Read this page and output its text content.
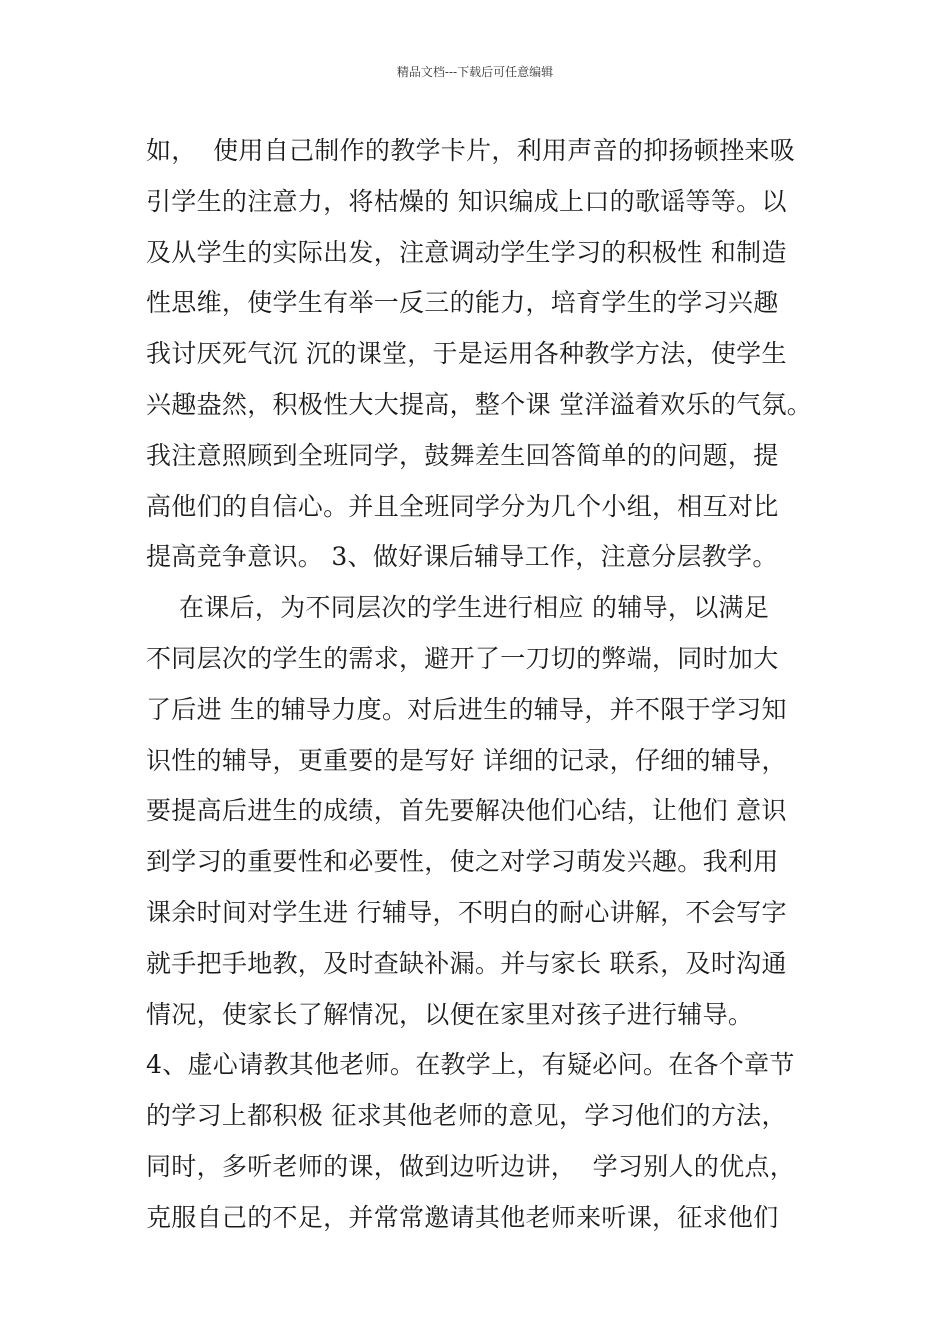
精品文档---下载后可任意编辑
如，  使用自己制作的教学卡片，利用声音的抑扬顿挫来吸
引学生的注意力，将枯燥的 知识编成上口的歌谣等等。以
及从学生的实际出发，注意调动学生学习的积极性 和制造
性思维，使学生有举一反三的能力，培育学生的学习兴趣
我讨厌死气沉 沉的课堂，于是运用各种教学方法，使学生
兴趣盎然，积极性大大提高，整个课 堂洋溢着欢乐的气氛。
我注意照顾到全班同学，鼓舞差生回答简单的的问题，提
高他们的自信心。并且全班同学分为几个小组，相互对比
提高竞争意识。 3、做好课后辅导工作，注意分层教学。
在课后，为不同层次的学生进行相应 的辅导，以满足
不同层次的学生的需求，避开了一刀切的弊端，同时加大
了后进 生的辅导力度。对后进生的辅导，并不限于学习知
识性的辅导，更重要的是写好 详细的记录，仔细的辅导，
要提高后进生的成绩，首先要解决他们心结，让他们 意识
到学习的重要性和必要性，使之对学习萌发兴趣。我利用
课余时间对学生进 行辅导，不明白的耐心讲解，不会写字
就手把手地教，及时查缺补漏。并与家长 联系，及时沟通
情况，使家长了解情况，以便在家里对孩子进行辅导。
4、虚心请教其他老师。在教学上，有疑必问。在各个章节
的学习上都积极 征求其他老师的意见，学习他们的方法，
同时，多听老师的课，做到边听边讲，  学习别人的优点，
克服自己的不足，并常常邀请其他老师来听课，征求他们
